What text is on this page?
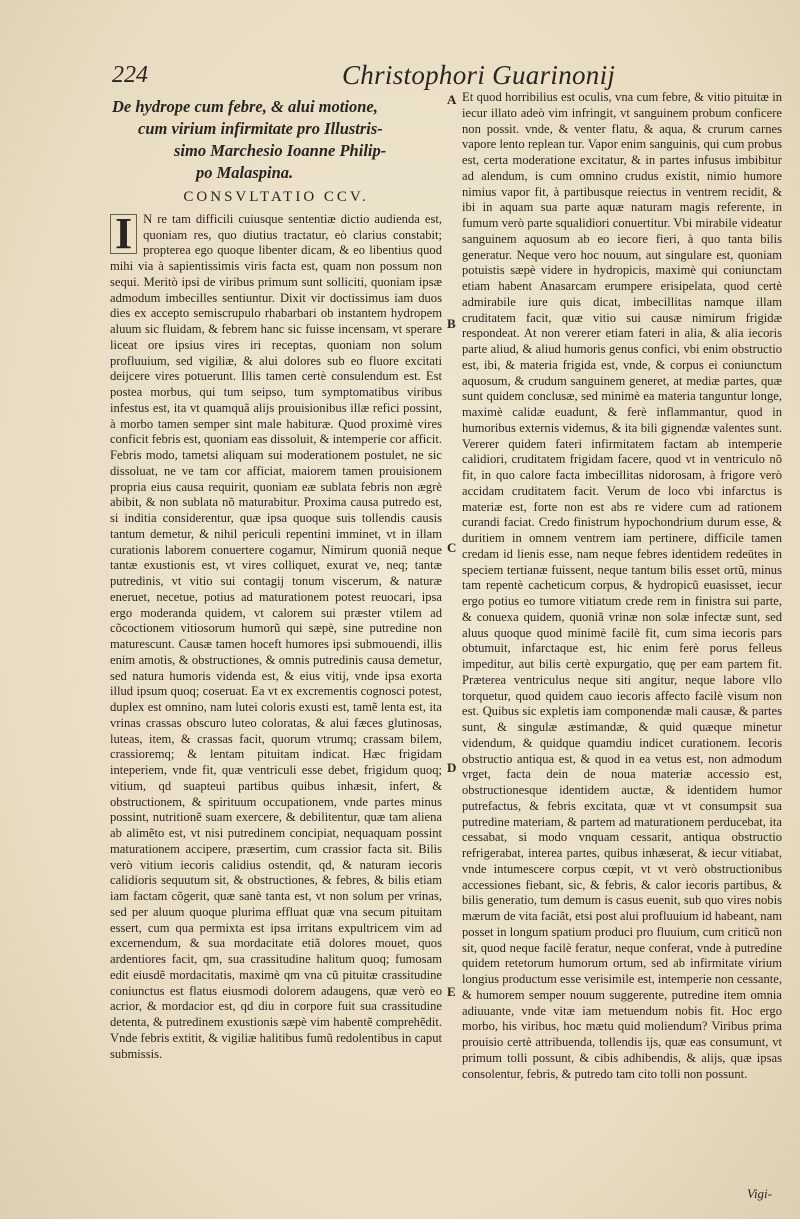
224	Christophori Guarinonij
De hydrope cum febre, & alui motione,
cum virium infirmitate pro Illustris-
simo Marchesio Ioanne Philip-
po Malaspina.
CONSVLTATIO CCV.
I N re tam difficili cuiusque sententiæ dictio audienda est, quoniam res, quo diutius tractatur, eò clarius constabit; propterea ego quoque libenter dicam, & eo libentius quod mihi via à sapientissimis viris facta est, quam non possum non sequi. Meritò ipsi de viribus primum sunt solliciti, quoniam ipsæ admodum imbecilles sentiuntur. Dixit vir doctissimus iam duos dies ex accepto semiscrupulo rhabarbari ob instantem hydropem aluum sic fluidam, & febrem hanc sic fuisse incensam, vt sperare liceat ore ipsius vires iri receptas, quoniam non solum profluuium, sed vigiliæ, & alui dolores sub eo fluore excitati deijcere vires potuerunt. Illis tamen certè consulendum est. Est postea morbus, qui tum seipso, tum symptomatibus viribus infestus est, ita vt quamquã alijs prouisionibus illæ refici possint, à morbo tamen semper sint male habituræ. Quod proximè vires conficit febris est, quoniam eas dissoluit, & intemperie cor afficit. Febris modo, tametsi aliquam sui moderationem postulet, ne sic dissoluat, ne ve tam cor afficiat, maiorem tamen prouisionem propria eius causa requirit, quoniam eæ sublata febris non ægrè abibit, & non sublata nõ maturabitur. Proxima causa putredo est, si inditia considerentur, quæ ipsa quoque suis tollendis causis tantum demetur, & nihil periculi repentini imminet, vt in illam curationis laborem conuertere cogamur, Nimirum quoniã neque tantæ exustionis est, vt vires colliquet, exurat ve, neq; tantæ putredinis, vt vitio sui contagij tonum viscerum, & naturæ eneruet, necetue, potius ad maturationem potest reuocari, ipsa ergo moderanda quidem, vt calorem sui præster vtilem ad cõcoctionem vitiosorum humorũ qui sæpè, sine putredine non maturescunt. Causæ tamen hoceft humores ipsi submouendi, illis enim amotis, & obstructiones, & omnis putredinis causa demetur, sed natura humoris videnda est, & eius vitij, vnde ipsa exorta illud ipsum quoq; coseruat. Ea vt ex excrementis cognosci potest, duplex est omnino, nam lutei coloris exusti est, tamẽ lenta est, ita vrinas crassas obscuro luteo coloratas, & alui fæces glutinosas, luteas, item, & crassas facit, quorum vtrumq; crassam bilem, crassioremq; & lentam pituitam indicat. Hæc frigidam inteperiem, vnde fit, quæ ventriculi esse debet, frigidum quoq; vitium, qd suapteui partibus quibus inhæsit, infert, & obstructionem, & spirituum occupationem, vnde partes minus possint, nutritionẽ suam exercere, & debilitentur, quæ tam aliena ab alimẽto est, vt nisi putredinem concipiat, nequaquam possint maturationem accipere, præsertim, cum crassior facta sit. Bilis verò vitium iecoris calidius ostendit, qd, & naturam iecoris calidioris sequutum sit, & obstructiones, & febres, & bilis etiam iam factam cõgerit, quæ sanè tanta est, vt non solum per vrinas, sed per aluum quoque plurima effluat quæ vna secum pituitam essert, cum qua permixta est ipsa irritans expultricem vim ad excernendum, & sua mordacitate etiã dolores mouet, quos ardentiores facit, qm, sua crassitudine halitum quoq; fumosam edit eiusdẽ mordacitatis, maximè qm vna cũ pituitæ crassitudine coniunctus est flatus eiusmodi dolorem adaugens, quæ verò eo acrior, & mordacior est, qd diu in corpore fuit sua crassitudine detenta, & putredinem exustionis sæpè vim habentẽ comprehẽdit. Vnde febris extitit, & vigiliæ halitibus fumũ redolentibus in caput submissis.

Et quod horribilius est oculis, vna cum febre, & vitio pituitæ in iecur illato adeò vim infringit, vt sanguinem probum conficere non possit. vnde, & venter flatu, & aqua, & crurum carnes vapore lento replean tur. Vapor enim sanguinis, qui cum probus est, certa moderatione excitatur, & in partes infusus imbibitur ad alendum, is cum omnino crudus existit, nimio humore nimius vapor fit, à partibusque reiectus in ventrem recidit, & ibi in aquam sua parte aquæ naturam magis referente, in fumum verò parte squalidiori conuertitur. Vbi mirabile videatur sanguinem aquosum ab eo iecore fieri, à quo tanta bilis generatur. Neque vero hoc nouum, aut singulare est, quoniam potuistis sæpè videre in hydropicis, maximè qui coniunctam etiam habent Anasarcam erumpere erisipelata, quod certè admirabile iure quis dicat, imbecillitas namque illam cruditatem facit, quæ vitio sui causæ nimirum frigidæ respondeat. At non vererer etiam fateri in alia, & alia iecoris parte aliud, & aliud humoris genus confici, vbi enim obstructio est, ibi, & materia frigida est, vnde, & corpus ei coniunctum aquosum, & crudum sanguinem generet, at mediæ partes, quæ sunt quidem conclusæ, sed minimè ea materia tanguntur longe, maximè calidæ euadunt, & ferè inflammantur, quod in humoribus externis videmus, & ita bili gignendæ valentes sunt. Vererer quidem fateri infirmitatem factam ab intemperie calidiori, cruditatem frigidam facere, quod vt in ventriculo nõ fit, in quo calore facta imbecillitas nidorosam, à frigore verò accidam cruditatem facit. Verum de loco vbi infarctus is materiæ est, forte non est abs re videre cum ad rationem curandi faciat. Credo finistrum hypochondrium durum esse, & duritiem in omnem ventrem iam pertinere, difficile tamen credam id lienis esse, nam neque febres identidem redeūtes in speciem tertianæ fuissent, neque tantum bilis esset ortũ, minus tam repentè cacheticum corpus, & hydropicũ euasisset, iecur ergo potius eo tumore vitiatum crede rem in finistra sui parte, & conuexa quidem, quoniã vrinæ non solæ infectæ sunt, sed aluus quoque quod minimè facilè fit, cum sima iecoris pars obtumuit, infarctaque est, hic enim ferè porus felleus impeditur, aut bilis certè expurgatio, quę per eam partem fit. Præterea ventriculus neque siti angitur, neque labore vllo torquetur, quod quidem cauo iecoris affecto facilè visum non est. Quibus sic expletis iam componendæ mali causæ, & partes sunt, & singulæ æstimandæ, & quid quæque minetur videndum, & quidque quamdiu indicet curationem. Iecoris obstructio antiqua est, & quod in ea vetus est, non admodum vrget, facta dein de noua materiæ accessio est, obstructionesque identidem auctæ, & identidem humor putrefactus, & febris excitata, quæ vt vt consumpsit sua putredine materiam, & partem ad maturationem perducebat, ita cessabat, si modo vnquam cessarit, antiqua obstructio refrigerabat, interea partes, quibus inhæserat, & iecur vitiabat, vnde intumescere corpus cœpit, vt vt verò obstructionibus accessiones fiebant, sic, & febris, & calor iecoris partibus, & bilis generatio, tum demum is casus euenit, sub quo vires nobis mærum de vita faciãt, etsi post alui profluuium id habeant, nam posset in longum spatium produci pro fluuium, cum criticũ non sit, quod neque facilè feratur, neque conferat, vnde à putredine quidem retetorum humorum ortum, sed ab infirmitate virium longius productum esse verisimile est, intemperie non cessante, & humorem semper nouum suggerente, putredine item omnia adiuuante, vnde vitæ iam metuendum nobis fit. Hoc ergo morbo, his viribus, hoc mætu quid moliendum? Viribus prima prouisio certè attribuenda, tollendis ijs, quæ eas consumunt, vt primum tolli possunt, & cibis adhibendis, & alijs, quæ ipsas consolentur, febris, & putredo tam cito tolli non possunt.

A
B
C
D
E
Vigi-
